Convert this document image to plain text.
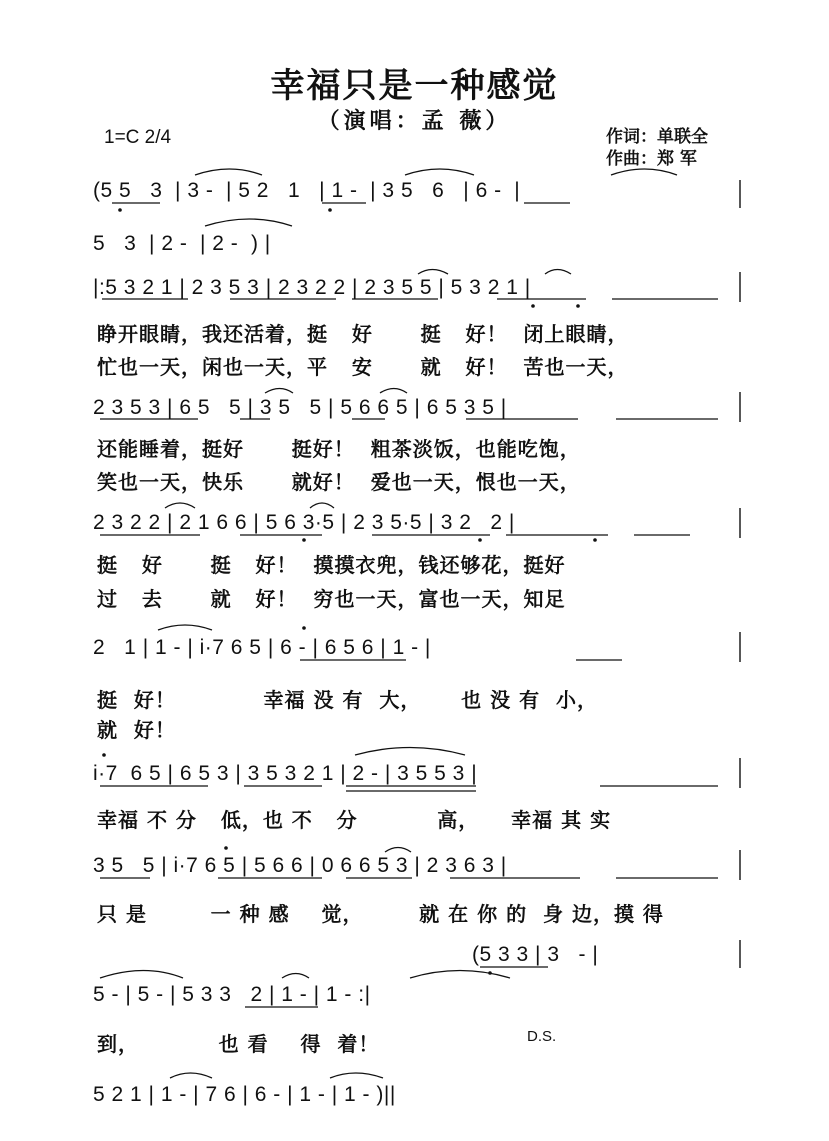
幸福只是一种感觉
（演唱：孟 薇）
1=C 2/4	作词：单联全
作曲：郑 军
(5 5   3  | 3 -  | 5 2   1   | 1 -  | 3 5   6   | 6 -  |
5   3  | 2 -  | 2 -  ) |
|:5 3 2 1 | 2 3 5 3 | 2 3 2 2 | 2 3 5 5 | 5 3 2 1 |
睁开眼睛，我还活着，挺   好      挺   好！  闭上眼睛，
忙也一天，闲也一天，平   安      就   好！  苦也一天，
2 3 5 3 | 6 5   5 | 3 5   5 | 5 6 6 5 | 6 5 3 5 |
还能睡着，挺好      挺好！  粗茶淡饭，也能吃饱，
笑也一天，快乐      就好！  爱也一天，恨也一天，
2 3 2 2 | 2 1 6 6 | 5 6 3·5 | 2 3 5·5 | 3 2   2 |
挺   好      挺   好！  摸摸衣兜，钱还够花，挺好
过   去      就   好！  穷也一天，富也一天，知足
2   1 | 1 - | i·7 6 5 | 6 - | 6 5 6 | 1 - |
挺  好！           幸福 没 有  大，     也 没 有  小，
就  好！
i·7  6 5 | 6 5 3 | 3 5 3 2 1 | 2 - | 3 5 5 3 |
幸福 不 分   低，也 不   分          高，    幸福 其 实
3 5   5 | i·7 6 5 | 5 6 6 | 0 6 6 5 3 | 2 3 6 3 |
只 是        一 种 感    觉，       就 在 你 的  身 边，摸 得
(5 3 3 | 3   - |
5 - | 5 - | 5 3 3   2 | 1 - | 1 - :|
到，          也 看    得  着！	D.S.
5 2 1 | 1 - | 7 6 | 6 - | 1 - | 1 - )||
